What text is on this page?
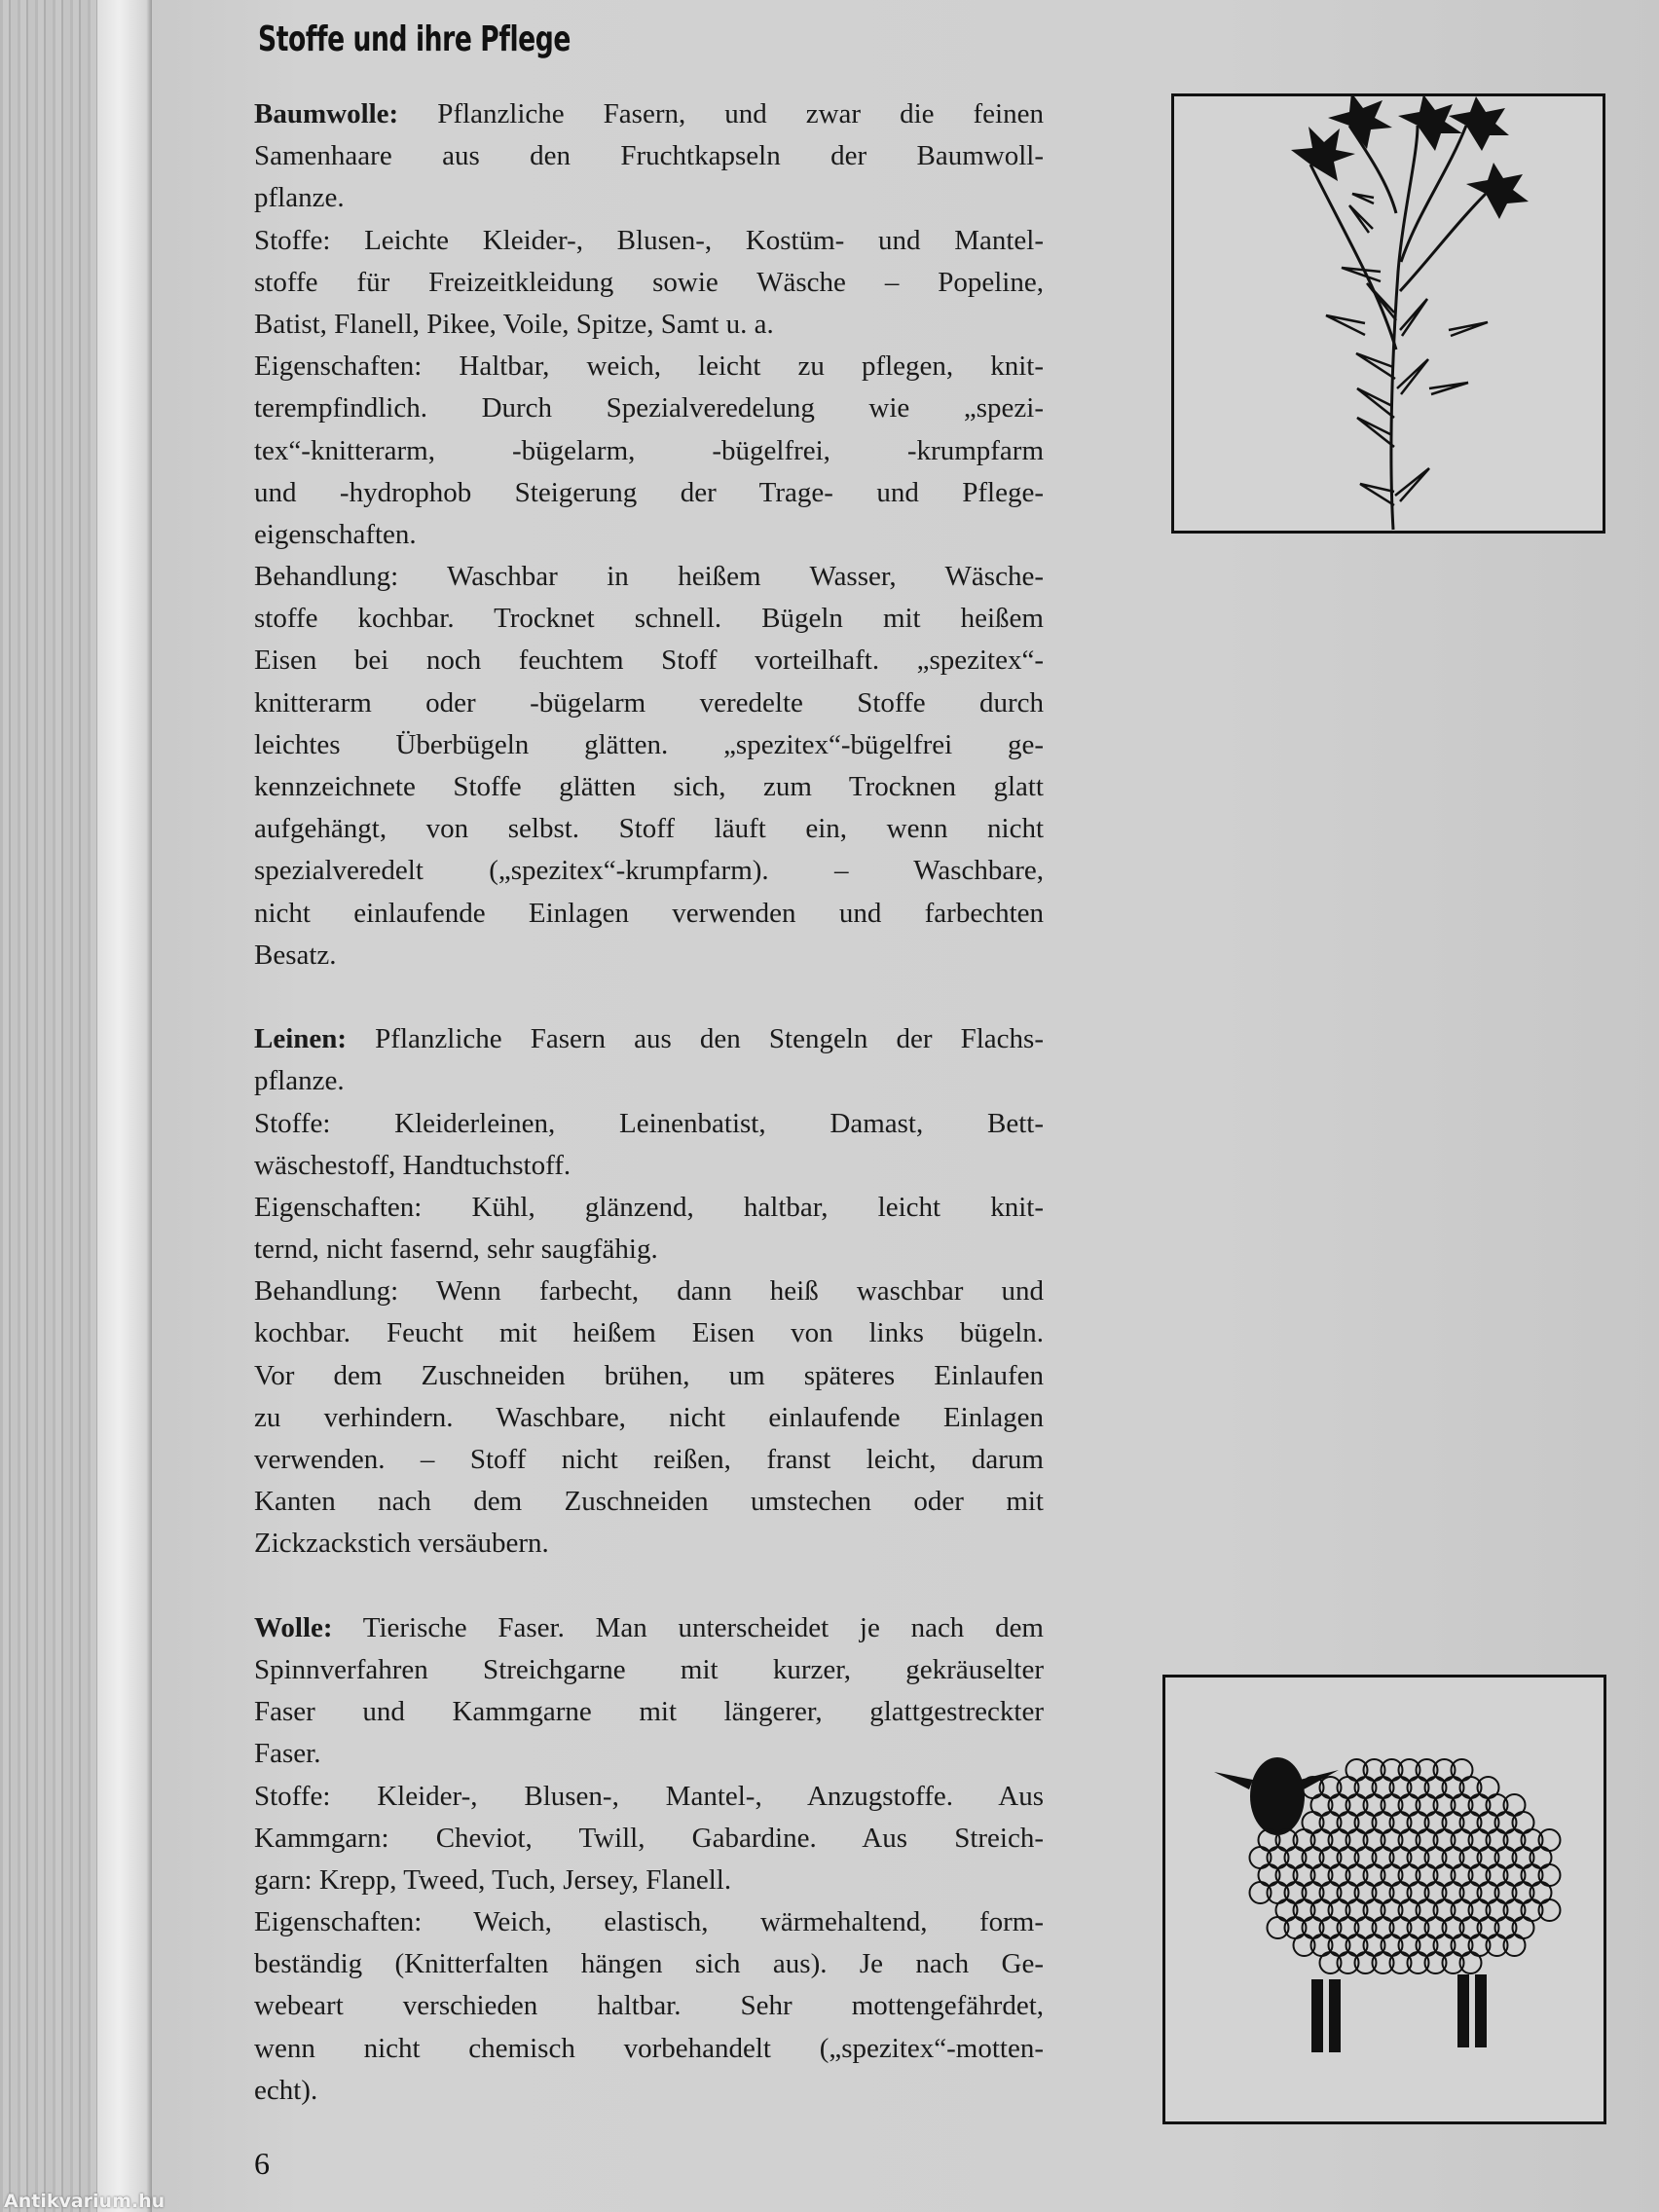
Antikvarium.hu
Stoffe und ihre Pflege
Baumwolle: Pflanzliche Fasern, und zwar die feinen
Samenhaare aus den Fruchtkapseln der Baumwoll-
pflanze.
Stoffe: Leichte Kleider-, Blusen-, Kostüm- und Mantel-
stoffe für Freizeitkleidung sowie Wäsche – Popeline,
Batist, Flanell, Pikee, Voile, Spitze, Samt u. a.
Eigenschaften: Haltbar, weich, leicht zu pflegen, knit-
terempfindlich. Durch Spezialveredelung wie „spezi-
tex“-knitterarm, -bügelarm, -bügelfrei, -krumpfarm
und -hydrophob Steigerung der Trage- und Pflege-
eigenschaften.
Behandlung: Waschbar in heißem Wasser, Wäsche-
stoffe kochbar. Trocknet schnell. Bügeln mit heißem
Eisen bei noch feuchtem Stoff vorteilhaft. „spezitex“-
knitterarm oder -bügelarm veredelte Stoffe durch
leichtes Überbügeln glätten. „spezitex“-bügelfrei ge-
kennzeichnete Stoffe glätten sich, zum Trocknen glatt
aufgehängt, von selbst. Stoff läuft ein, wenn nicht
spezialveredelt („spezitex“-krumpfarm). – Waschbare,
nicht einlaufende Einlagen verwenden und farbechten
Besatz.
Leinen: Pflanzliche Fasern aus den Stengeln der Flachs-
pflanze.
Stoffe: Kleiderleinen, Leinenbatist, Damast, Bett-
wäschestoff, Handtuchstoff.
Eigenschaften: Kühl, glänzend, haltbar, leicht knit-
ternd, nicht fasernd, sehr saugfähig.
Behandlung: Wenn farbecht, dann heiß waschbar und
kochbar. Feucht mit heißem Eisen von links bügeln.
Vor dem Zuschneiden brühen, um späteres Einlaufen
zu verhindern. Waschbare, nicht einlaufende Einlagen
verwenden. – Stoff nicht reißen, franst leicht, darum
Kanten nach dem Zuschneiden umstechen oder mit
Zickzackstich versäubern.
Wolle: Tierische Faser. Man unterscheidet je nach dem
Spinnverfahren Streichgarne mit kurzer, gekräuselter
Faser und Kammgarne mit längerer, glattgestreckter
Faser.
Stoffe: Kleider-, Blusen-, Mantel-, Anzugstoffe. Aus
Kammgarn: Cheviot, Twill, Gabardine. Aus Streich-
garn: Krepp, Tweed, Tuch, Jersey, Flanell.
Eigenschaften: Weich, elastisch, wärmehaltend, form-
beständig (Knitterfalten hängen sich aus). Je nach Ge-
webeart verschieden haltbar. Sehr mottengefährdet,
wenn nicht chemisch vorbehandelt („spezitex“-motten-
echt).
6
